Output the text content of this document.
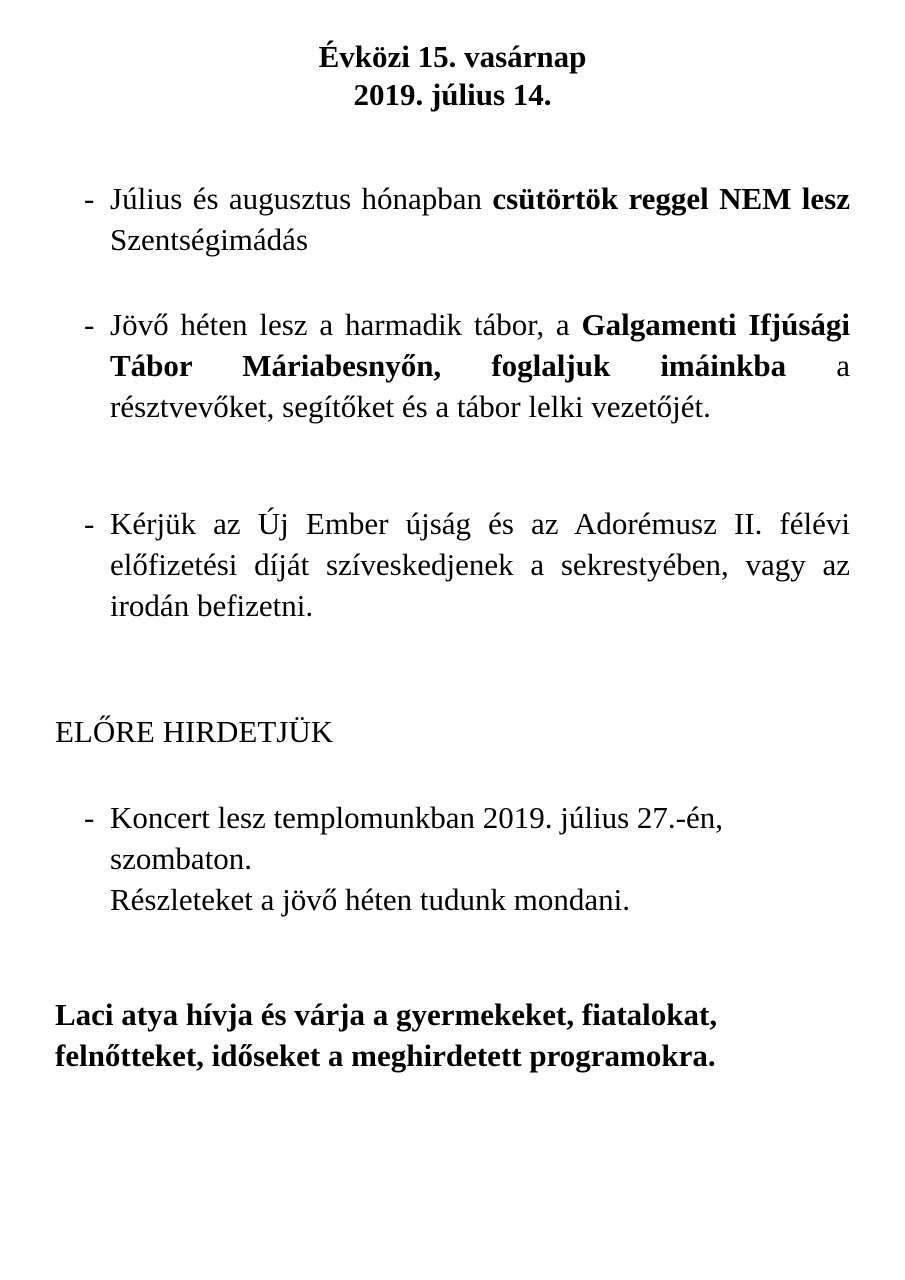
Évközi 15. vasárnap
2019. július 14.
- Július és augusztus hónapban csütörtök reggel NEM lesz Szentségimádás
- Jövő héten lesz a harmadik tábor, a Galgamenti Ifjúsági Tábor Máriabesnyőn, foglaljuk imáinkba a résztvevőket, segítőket és a tábor lelki vezetőjét.
- Kérjük az Új Ember újság és az Adorémusz II. félévi előfizetési díját szíveskedjenek a sekrestyében, vagy az irodán befizetni.
ELŐRE HIRDETJÜK
- Koncert lesz templomunkban 2019. július 27.-én,
szombaton.
Részleteket a jövő héten tudunk mondani.
Laci atya hívja és várja a gyermekeket, fiatalokat, felnőtteket, időseket a meghirdetett programokra.
